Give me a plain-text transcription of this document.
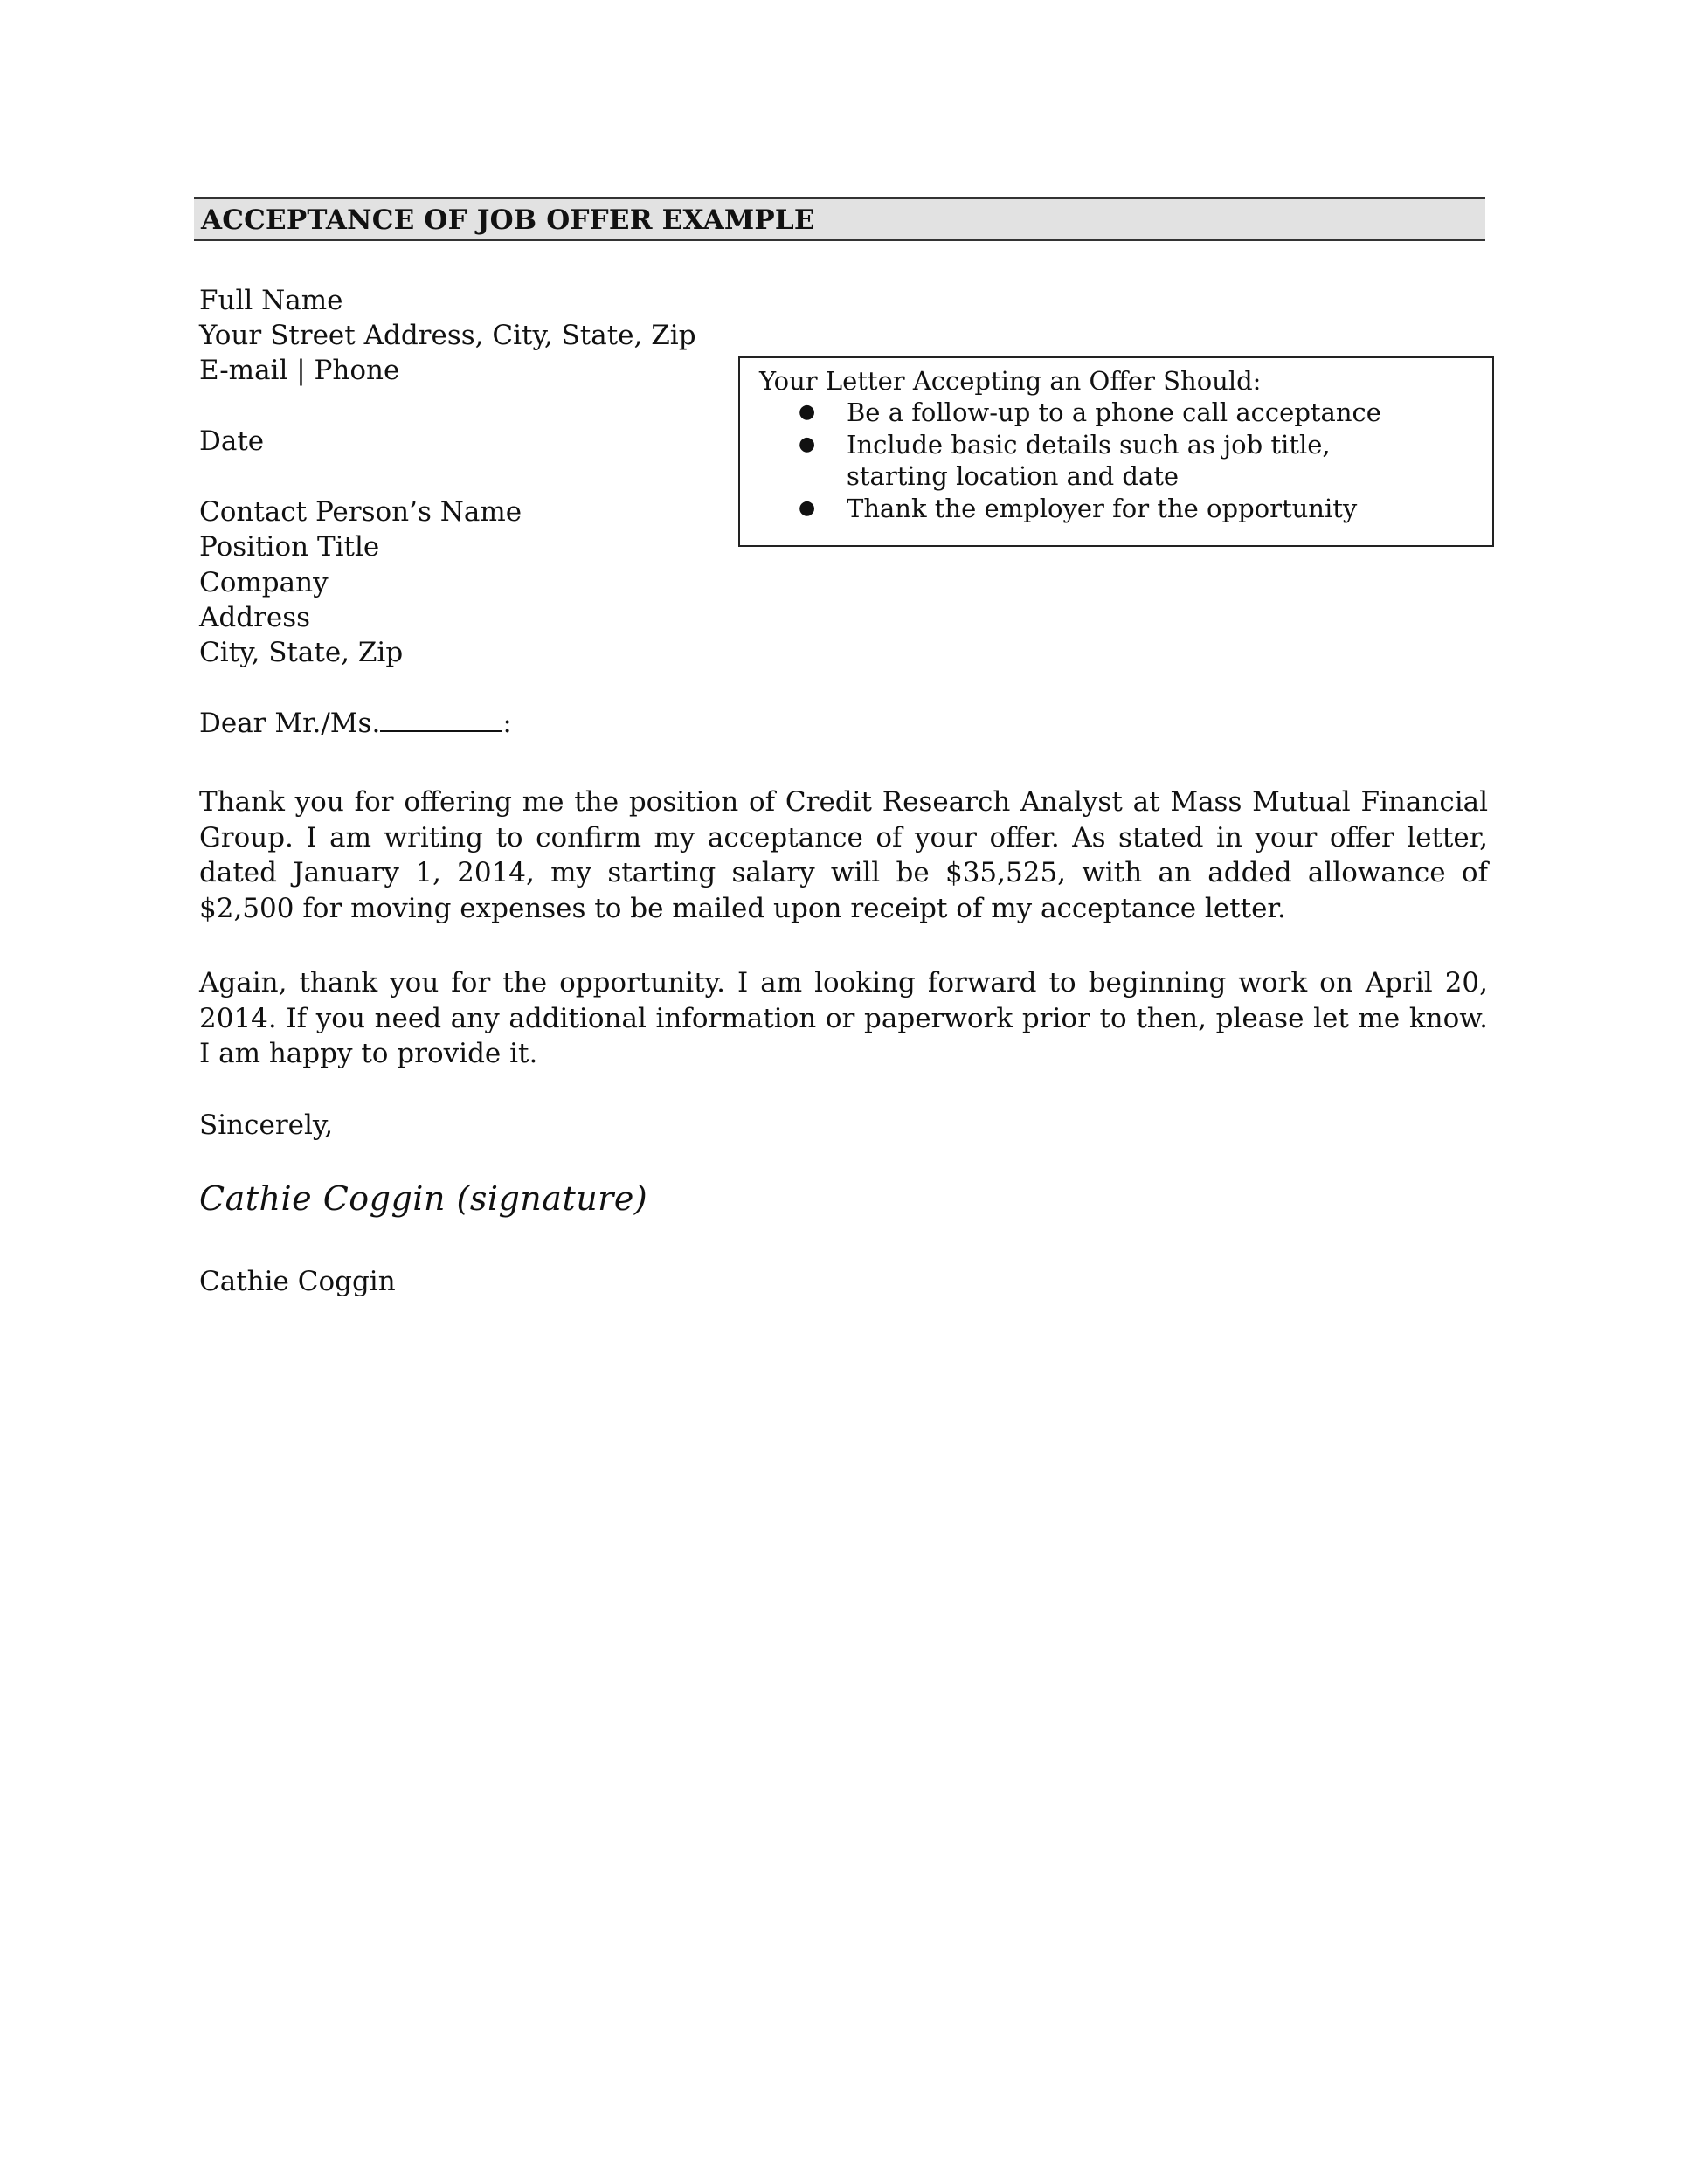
ACCEPTANCE OF JOB OFFER EXAMPLE
Full Name
Your Street Address, City, State, Zip
E-mail | Phone
Date
Contact Person’s Name
Position Title
Company
Address
City, State, Zip
Dear Mr./Ms.	:
Thank you for offering me the position of Credit Research Analyst at Mass Mutual Financial Group. I am writing to confirm my acceptance of your offer. As stated in your offer letter, dated January 1, 2014, my starting salary will be $35,525, with an added allowance of $2,500 for moving expenses to be mailed upon receipt of my acceptance letter.
Again, thank you for the opportunity. I am looking forward to beginning work on April 20, 2014. If you need any additional information or paperwork prior to then, please let me know. I am happy to provide it.
Sincerely,
Cathie Coggin (signature)
Cathie Coggin
Your Letter Accepting an Offer Should:
● Be a follow-up to a phone call acceptance
● Include basic details such as job title,
starting location and date
● Thank the employer for the opportunity
